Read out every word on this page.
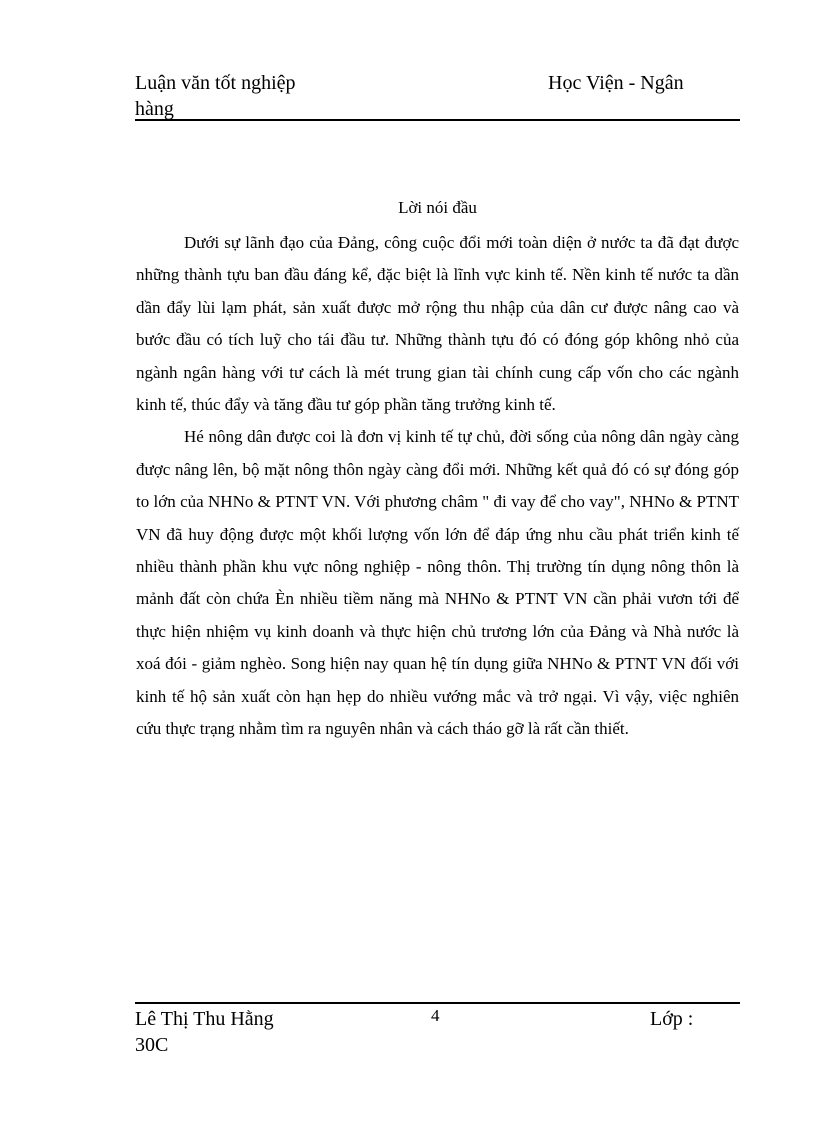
Luận văn tốt nghiệp
hàng
Học Viện - Ngân
Lời nói đầu

Dưới sự lãnh đạo của Đảng, công cuộc đổi mới toàn diện ở nước ta đã đạt được những thành tựu ban đầu đáng kể, đặc biệt là lĩnh vực kinh tế. Nền kinh tế nước ta dần dần đẩy lùi lạm phát, sản xuất được mở rộng thu nhập của dân cư được nâng cao và bước đầu có tích luỹ cho tái đầu tư. Những thành tựu đó có đóng góp không nhỏ của ngành ngân hàng với tư cách là mét trung gian tài chính cung cấp vốn cho các ngành kinh tế, thúc đẩy và tăng đầu tư góp phần tăng trưởng kinh tế.

Hé nông dân được coi là đơn vị kinh tế tự chủ, đời sống của nông dân ngày càng được nâng lên, bộ mặt nông thôn ngày càng đổi mới. Những kết quả đó có sự đóng góp to lớn của NHNo & PTNT VN. Với phương châm " đi vay để cho vay", NHNo & PTNT VN đã huy động được một khối lượng vốn lớn để đáp ứng nhu cầu phát triển kinh tế nhiều thành phần khu vực nông nghiệp - nông thôn. Thị trường tín dụng nông thôn là mảnh đất còn chứa Èn nhiều tiềm năng mà NHNo & PTNT VN cần phải vươn tới để thực hiện nhiệm vụ kinh doanh và thực hiện chủ trương lớn của Đảng và Nhà nước là xoá đói - giảm nghèo. Song hiện nay quan hệ tín dụng giữa NHNo & PTNT VN đối với kinh tế hộ sản xuất còn hạn hẹp do nhiều vướng mắc và trở ngại. Vì vậy, việc nghiên cứu thực trạng nhằm tìm ra nguyên nhân và cách tháo gỡ là rất cần thiết.

Lê Thị Thu Hằng
30C
4	Lớp :
